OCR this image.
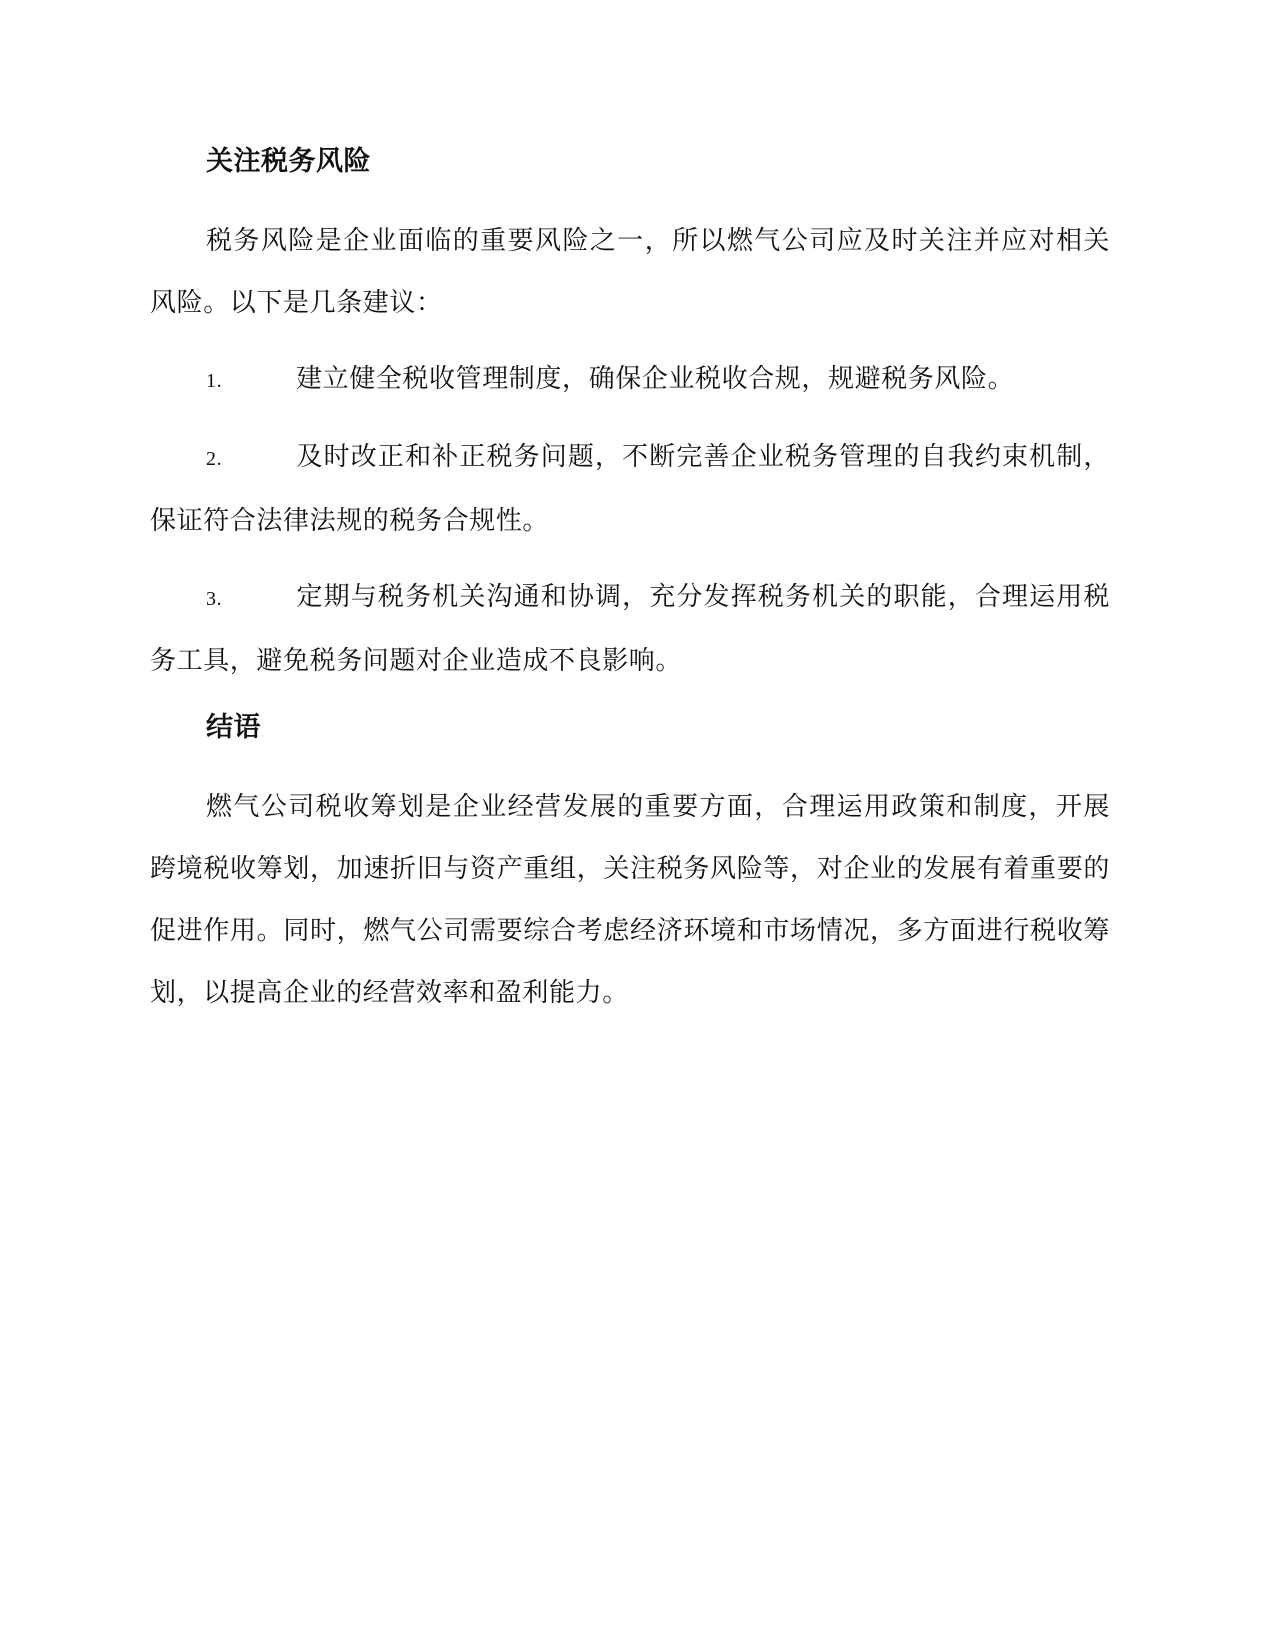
关注税务风险

税务风险是企业面临的重要风险之一，所以燃气公司应及时关注并应对相关风险。以下是几条建议：

1.	建立健全税收管理制度，确保企业税收合规，规避税务风险。

2.	及时改正和补正税务问题，不断完善企业税务管理的自我约束机制，保证符合法律法规的税务合规性。

3.	定期与税务机关沟通和协调，充分发挥税务机关的职能，合理运用税务工具，避免税务问题对企业造成不良影响。

结语

燃气公司税收筹划是企业经营发展的重要方面，合理运用政策和制度，开展跨境税收筹划，加速折旧与资产重组，关注税务风险等，对企业的发展有着重要的促进作用。同时，燃气公司需要综合考虑经济环境和市场情况，多方面进行税收筹划，以提高企业的经营效率和盈利能力。
